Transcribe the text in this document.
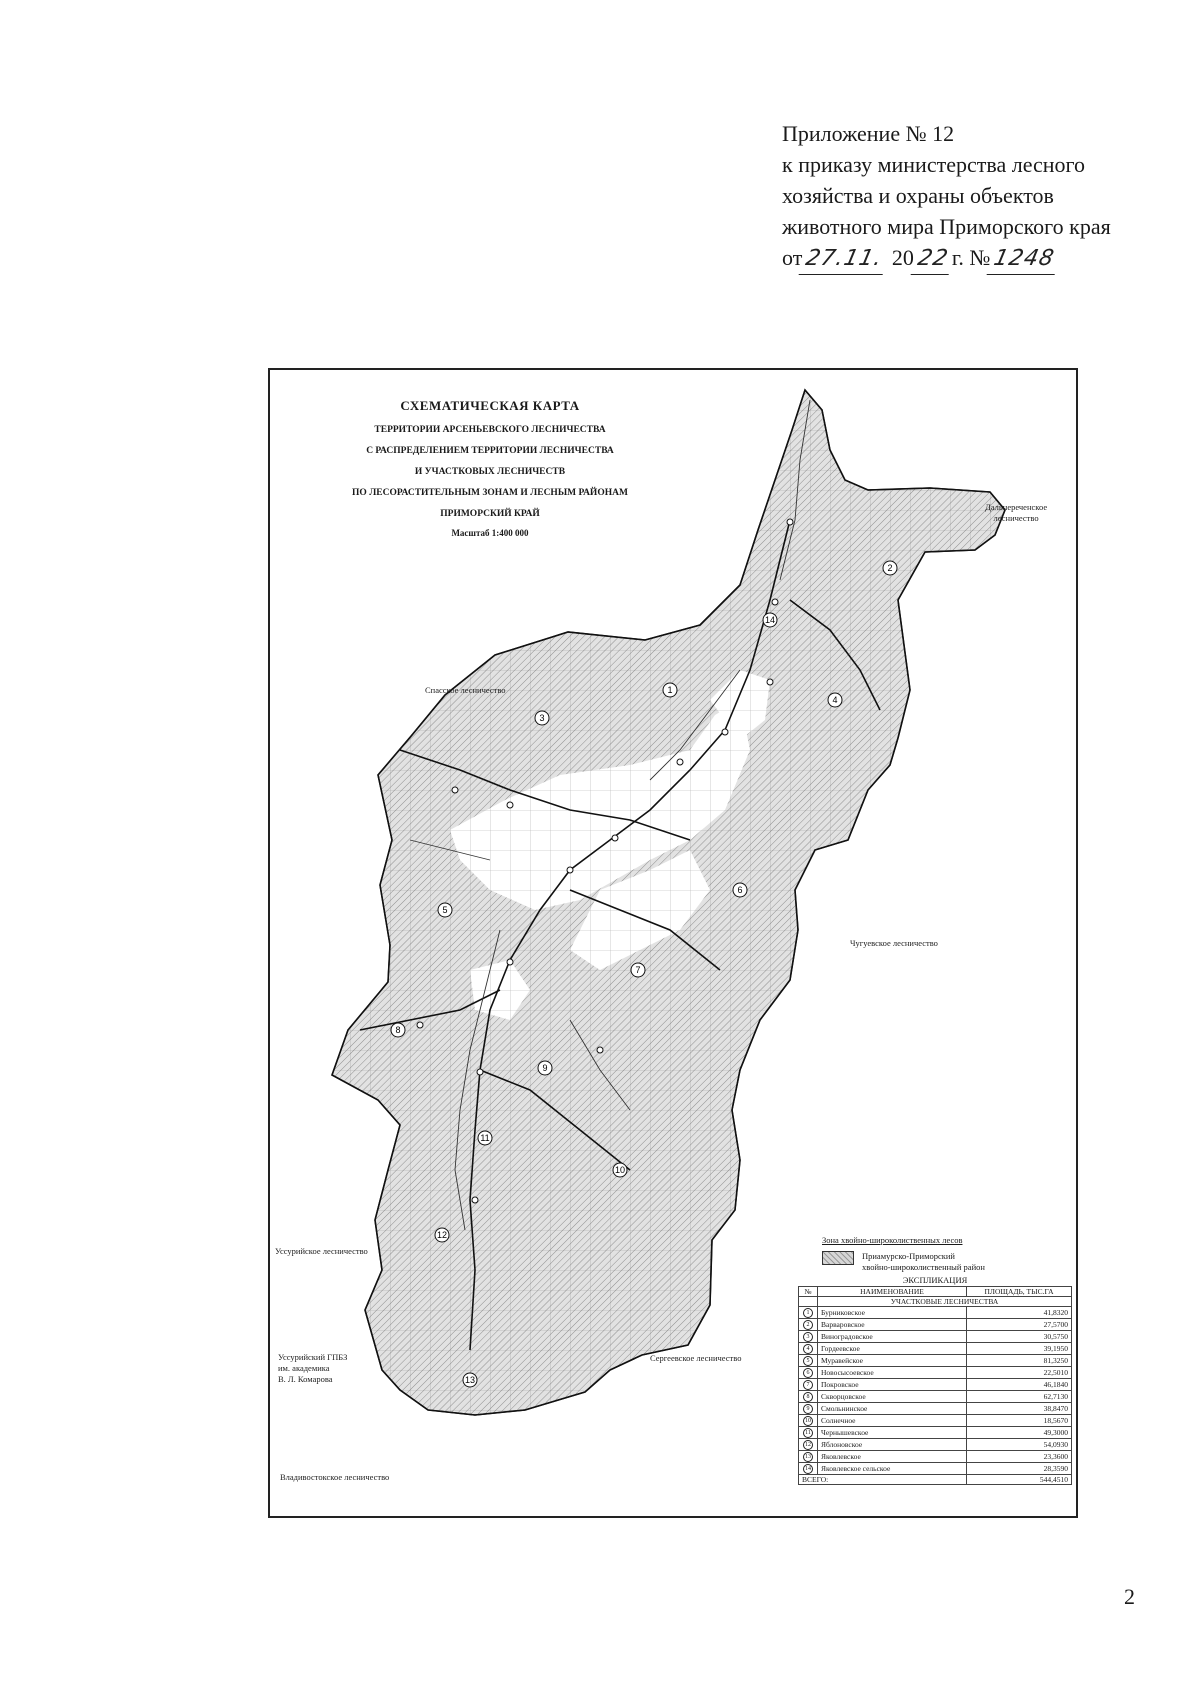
Приложение № 12
к приказу министерства лесного
хозяйства и охраны объектов
животного мира Приморского края
от27.11. 2022г. №1248
1
2
3
4
5
6
7
8
9
10
11
12
13
14
СХЕМАТИЧЕСКАЯ КАРТА
ТЕРРИТОРИИ АРСЕНЬЕВСКОГО ЛЕСНИЧЕСТВА
С РАСПРЕДЕЛЕНИЕМ ТЕРРИТОРИИ ЛЕСНИЧЕСТВА
И УЧАСТКОВЫХ ЛЕСНИЧЕСТВ
ПО ЛЕСОРАСТИТЕЛЬНЫМ ЗОНАМ И ЛЕСНЫМ РАЙОНАМ
ПРИМОРСКИЙ КРАЙ
Масштаб 1:400 000
Дальнереченское
лесничество
Спасское лесничество
Чугуевское лесничество
Уссурийское лесничество
Сергеевское лесничество
Уссурийский ГПБЗ
им. академика
В. Л. Комарова
Владивостокское лесничество
Зона хвойно-широколиственных лесов
Приамурско-Приморский
хвойно-широколиственный район
ЭКСПЛИКАЦИЯ
№	НАИМЕНОВАНИЕ	ПЛОЩАДЬ, ТЫС.ГА
	УЧАСТКОВЫЕ ЛЕСНИЧЕСТВА	
1	Бурниковское	41,8320
2	Варваровское	27,5700
3	Виноградовское	30,5750
4	Гордеевское	39,1950
5	Муравейское	81,3250
6	Новосысоевское	22,5010
7	Покровское	46,1840
8	Скворцовское	62,7130
9	Смольнинское	38,8470
10	Солнечное	18,5670
11	Чернышевское	49,3000
12	Яблоновское	54,0930
13	Яковлевское	23,3600
14	Яковлевское сельское	28,3590
ВСЕГО:		544,4510
2
